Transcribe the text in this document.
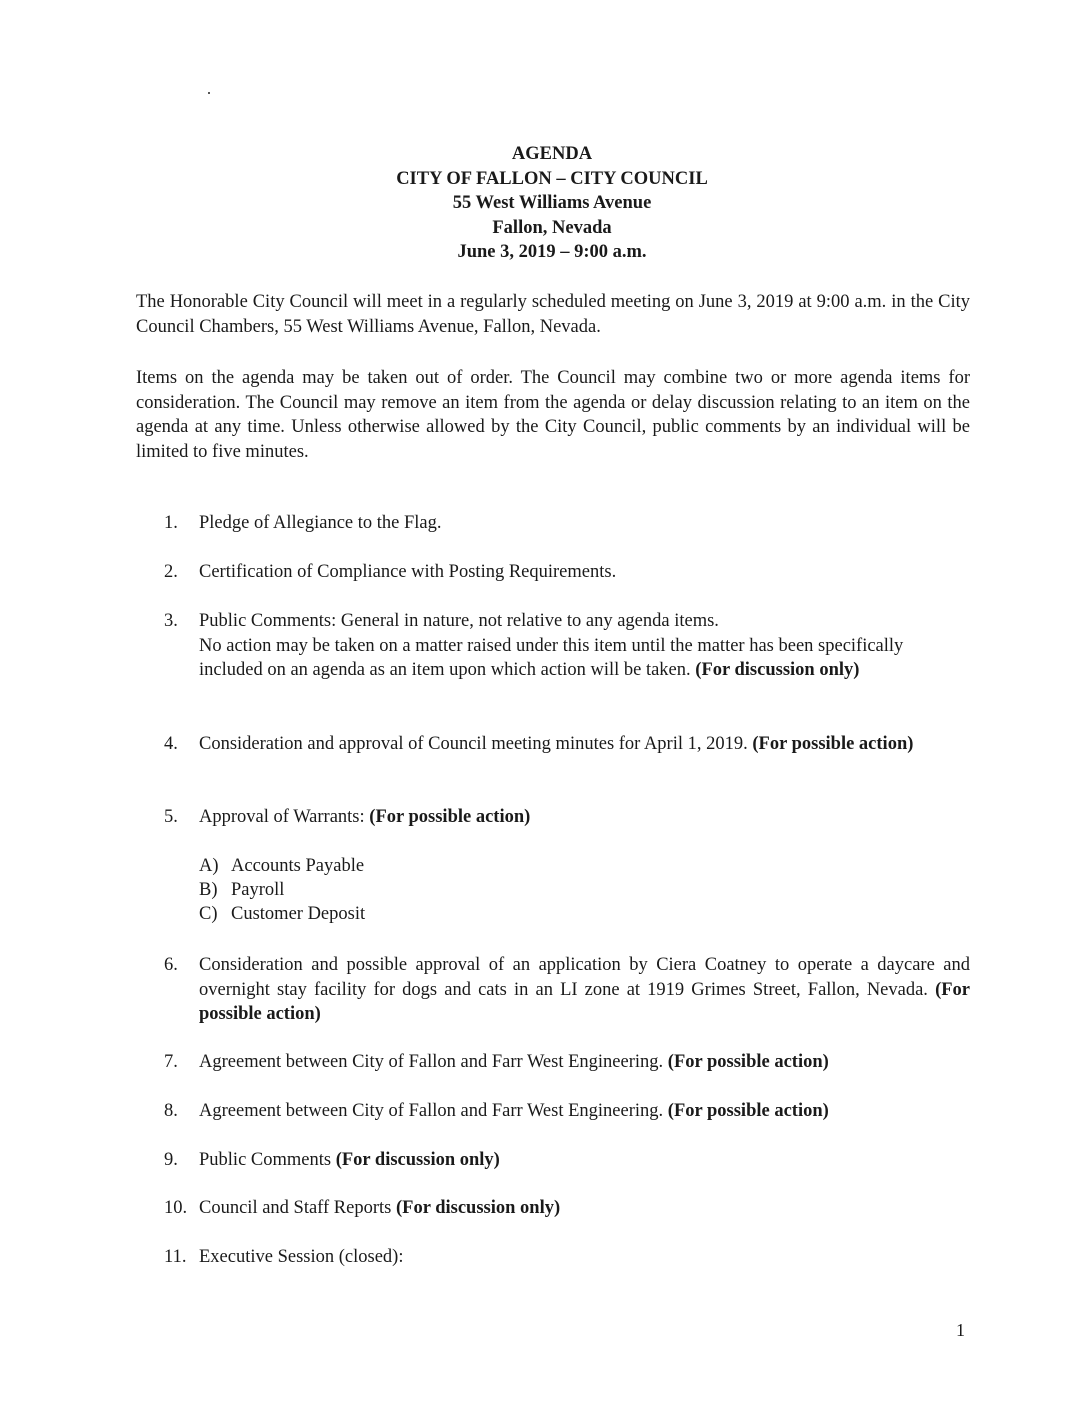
AGENDA
CITY OF FALLON – CITY COUNCIL
55 West Williams Avenue
Fallon, Nevada
June 3, 2019 – 9:00 a.m.
The Honorable City Council will meet in a regularly scheduled meeting on June 3, 2019 at 9:00 a.m. in the City Council Chambers, 55 West Williams Avenue, Fallon, Nevada.
Items on the agenda may be taken out of order. The Council may combine two or more agenda items for consideration. The Council may remove an item from the agenda or delay discussion relating to an item on the agenda at any time. Unless otherwise allowed by the City Council, public comments by an individual will be limited to five minutes.
1.	Pledge of Allegiance to the Flag.
2.	Certification of Compliance with Posting Requirements.
3.	Public Comments: General in nature, not relative to any agenda items.
No action may be taken on a matter raised under this item until the matter has been specifically included on an agenda as an item upon which action will be taken. (For discussion only)
4.	Consideration and approval of Council meeting minutes for April 1, 2019. (For possible action)
5.	Approval of Warrants: (For possible action)
A) Accounts Payable
B) Payroll
C) Customer Deposit
6.	Consideration and possible approval of an application by Ciera Coatney to operate a daycare and overnight stay facility for dogs and cats in an LI zone at 1919 Grimes Street, Fallon, Nevada. (For possible action)
7.	Agreement between City of Fallon and Farr West Engineering. (For possible action)
8.	Agreement between City of Fallon and Farr West Engineering. (For possible action)
9.	Public Comments (For discussion only)
10. Council and Staff Reports (For discussion only)
11. Executive Session (closed):
1
